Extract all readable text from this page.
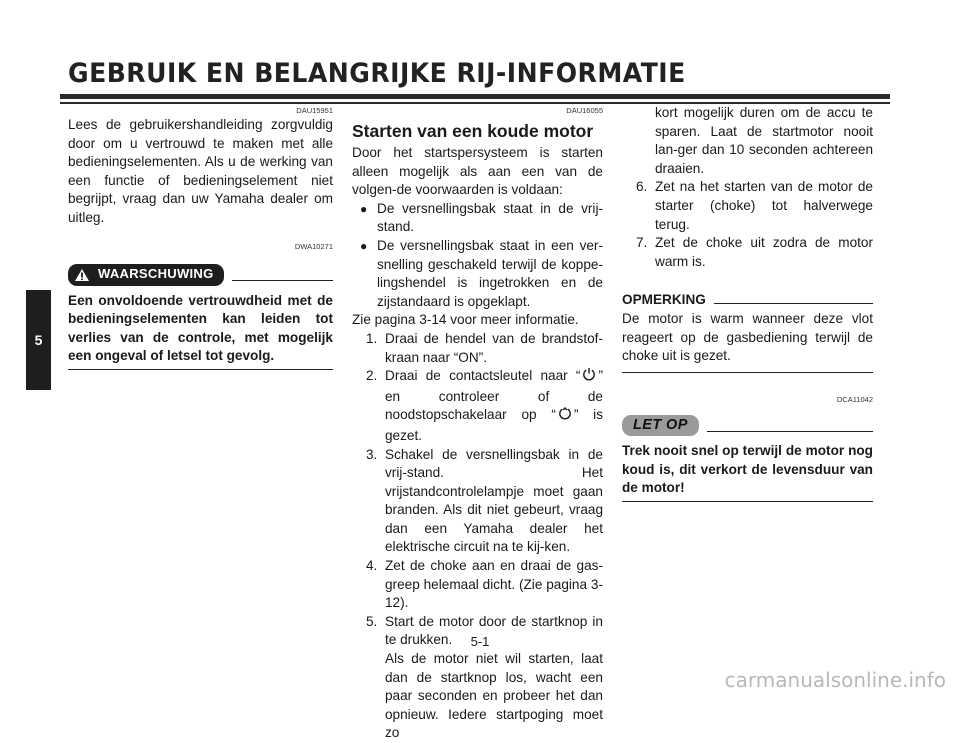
GEBRUIK EN BELANGRIJKE RIJ-INFORMATIE
5
DAU15951

Lees de gebruikershandleiding zorgvuldig door om u vertrouwd te maken met alle bedieningselementen. Als u de werking van een functie of bedieningselement niet begrijpt, vraag dan uw Yamaha dealer om uitleg.

DWA10271
WAARSCHUWING
Een onvoldoende vertrouwdheid met de bedieningselementen kan leiden tot verlies van de controle, met mogelijk een ongeval of letsel tot gevolg.
DAU16055
Starten van een koude motor

Door het startspersysteem is starten alleen mogelijk als aan een van de volgen-de voorwaarden is voldaan:

● De versnellingsbak staat in de vrij-stand.
● De versnellingsbak staat in een ver-snelling geschakeld terwijl de koppe-lingshendel is ingetrokken en de zijstandaard is opgeklapt.

Zie pagina 3-14 voor meer informatie.

1. Draai de hendel van de brandstof-kraan naar “ON”.
2. Draai de contactsleutel naar “ ” en controleer of de noodstopschakelaar op “ ” is gezet.
3. Schakel de versnellingsbak in de vrij-stand. Het vrijstandcontrolelampje moet gaan branden. Als dit niet gebeurt, vraag dan een Yamaha dealer het elektrische circuit na te kij-ken.
4. Zet de choke aan en draai de gas-greep helemaal dicht. (Zie pagina 3-12).
5. Start de motor door de startknop in te drukken.
Als de motor niet wil starten, laat dan de startknop los, wacht een paar seconden en probeer het dan opnieuw. Iedere startpoging moet zo
kort mogelijk duren om de accu te sparen. Laat de startmotor nooit lan-ger dan 10 seconden achtereen draaien.
6. Zet na het starten van de motor de starter (choke) tot halverwege terug.
7. Zet de choke uit zodra de motor warm is.
OPMERKING

De motor is warm wanneer deze vlot reageert op de gasbediening terwijl de choke uit is gezet.

DCA11042
LET OP
Trek nooit snel op terwijl de motor nog koud is, dit verkort de levensduur van de motor!
5-1
carmanualsonline.info
